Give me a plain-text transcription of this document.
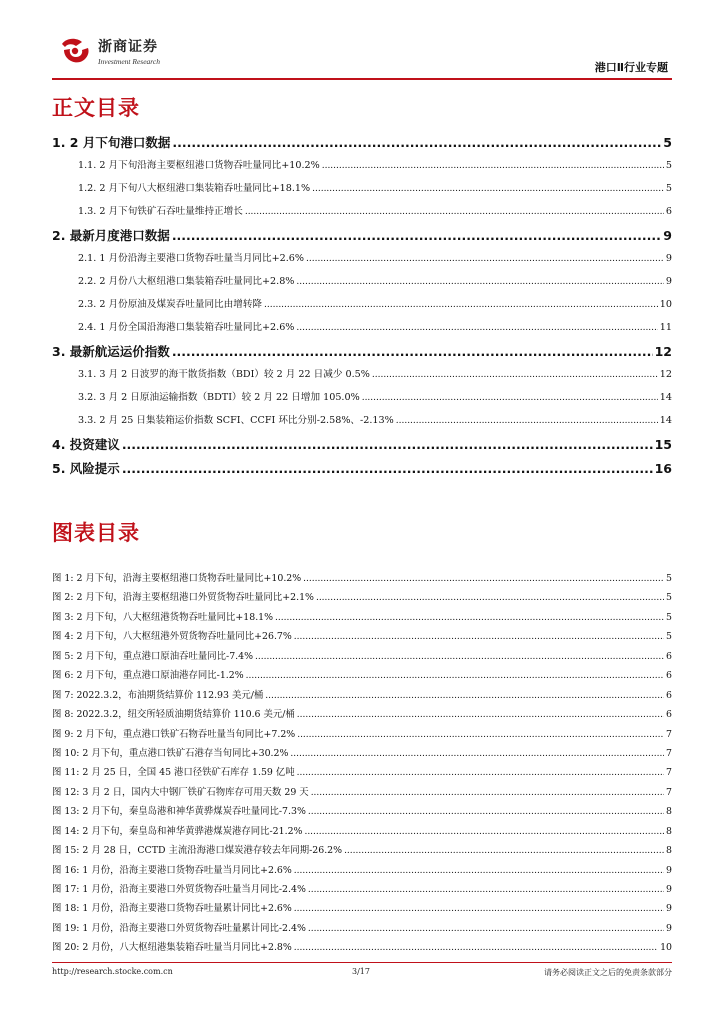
浙商证券
Investment Research	港口Ⅱ行业专题
正文目录
1. 2 月下旬港口数据 .....	5
1.1. 2 月下旬沿海主要枢纽港口货物吞吐量同比+10.2% .....	5
1.2. 2 月下旬八大枢纽港口集装箱吞吐量同比+18.1% .....	5
1.3. 2 月下旬铁矿石吞吐量维持正增长 .....	6
2. 最新月度港口数据 .....	9
2.1. 1 月份沿海主要港口货物吞吐量当月同比+2.6% .....	9
2.2. 2 月份八大枢纽港口集装箱吞吐量同比+2.8% .....	9
2.3. 2 月份原油及煤炭吞吐量同比由增转降 .....	10
2.4. 1 月份全国沿海港口集装箱吞吐量同比+2.6% .....	11
3. 最新航运运价指数 .....	12
3.1. 3 月 2 日波罗的海干散货指数（BDI）较 2 月 22 日减少 0.5% .....	12
3.2. 3 月 2 日原油运输指数（BDTI）较 2 月 22 日增加 105.0% .....	14
3.3. 2 月 25 日集装箱运价指数 SCFI、CCFI 环比分别-2.58%、-2.13% .....	14
4. 投资建议 .....	15
5. 风险提示 .....	16
图表目录
图 1: 2 月下旬，沿海主要枢纽港口货物吞吐量同比+10.2% .....	5
图 2: 2 月下旬，沿海主要枢纽港口外贸货物吞吐量同比+2.1% .....	5
图 3: 2 月下旬，八大枢纽港货物吞吐量同比+18.1% .....	5
图 4: 2 月下旬，八大枢纽港外贸货物吞吐量同比+26.7% .....	5
图 5: 2 月下旬，重点港口原油吞吐量同比-7.4% .....	6
图 6: 2 月下旬，重点港口原油港存同比-1.2% .....	6
图 7: 2022.3.2，布油期货结算价 112.93 美元/桶 .....	6
图 8: 2022.3.2，纽交所轻质油期货结算价 110.6 美元/桶 .....	6
图 9: 2 月下旬，重点港口铁矿石物吞吐量当旬同比+7.2% .....	7
图 10: 2 月下旬，重点港口铁矿石港存当旬同比+30.2% .....	7
图 11: 2 月 25 日，全国 45 港口径铁矿石库存 1.59 亿吨 .....	7
图 12: 3 月 2 日，国内大中钢厂铁矿石物库存可用天数 29 天 .....	7
图 13: 2 月下旬，秦皇岛港和神华黄骅煤炭吞吐量同比-7.3% .....	8
图 14: 2 月下旬，秦皇岛和神华黄骅港煤炭港存同比-21.2% .....	8
图 15: 2 月 28 日，CCTD 主流沿海港口煤炭港存较去年同期-26.2% .....	8
图 16: 1 月份，沿海主要港口货物吞吐量当月同比+2.6% .....	9
图 17: 1 月份，沿海主要港口外贸货物吞吐量当月同比-2.4% .....	9
图 18: 1 月份，沿海主要港口货物吞吐量累计同比+2.6% .....	9
图 19: 1 月份，沿海主要港口外贸货物吞吐量累计同比-2.4% .....	9
图 20: 2 月份，八大枢纽港集装箱吞吐量当月同比+2.8% .....	10
http://research.stocke.com.cn	3/17	请务必阅读正文之后的免责条款部分
